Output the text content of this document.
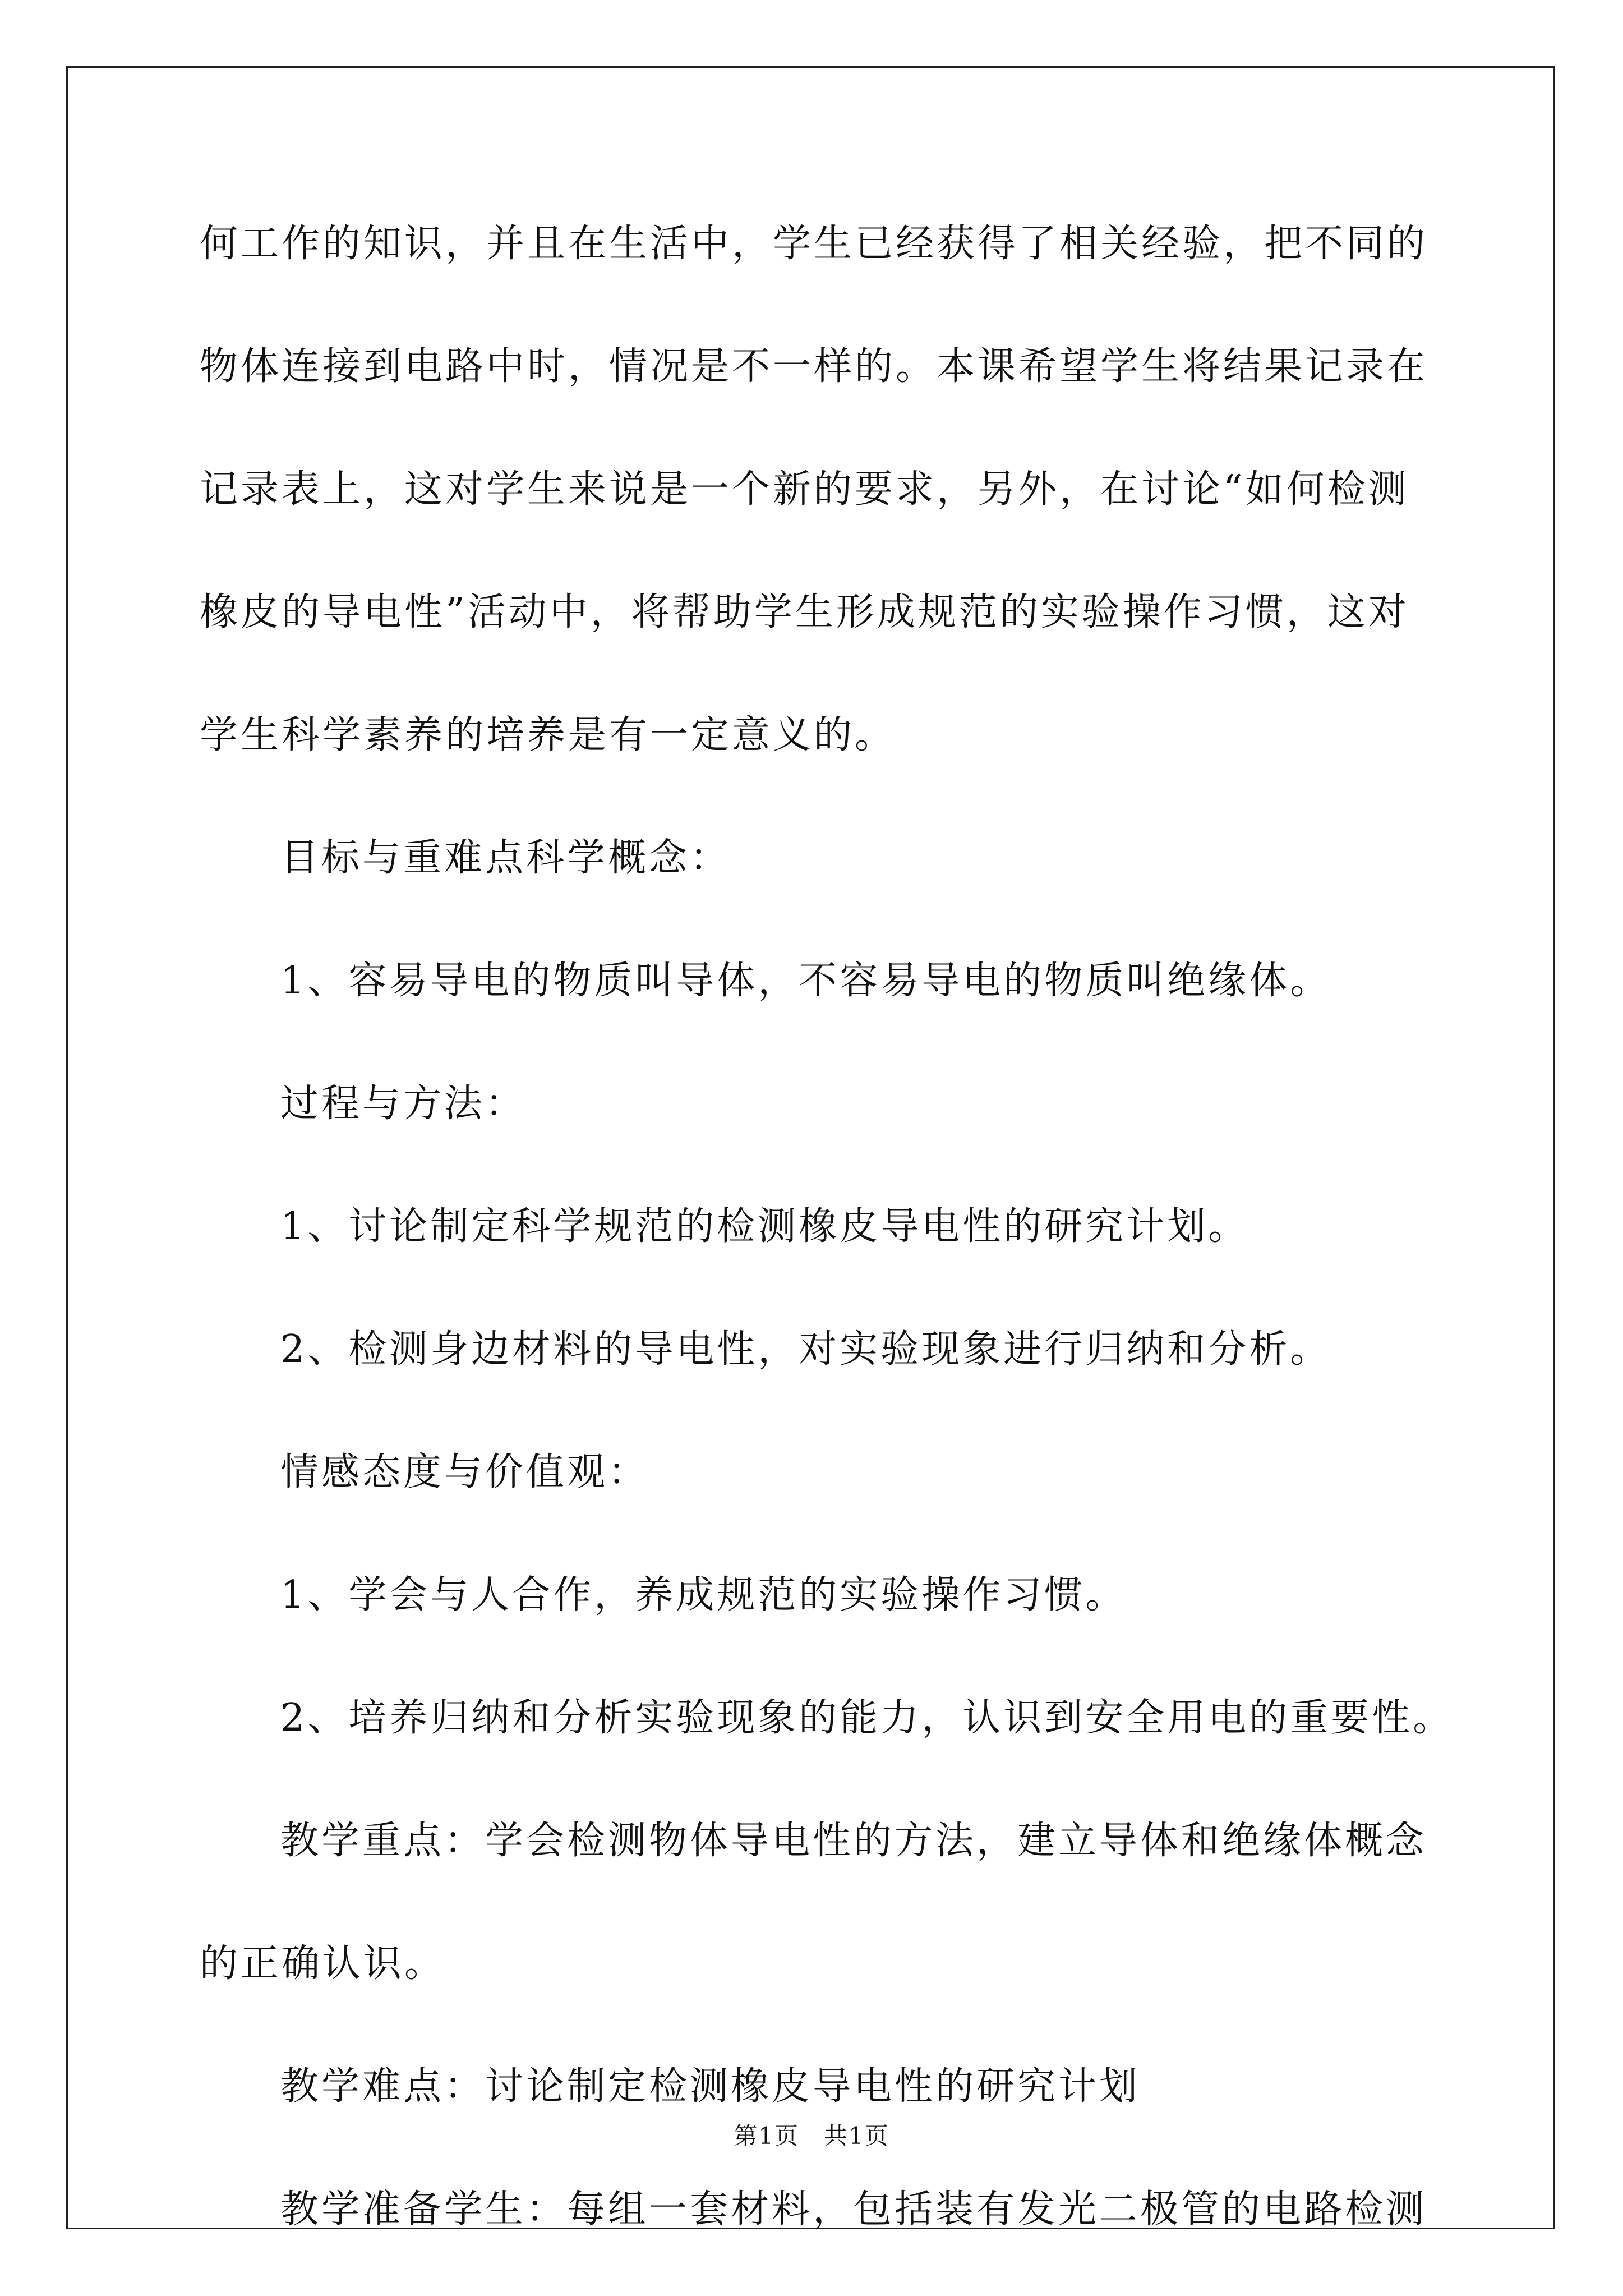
何工作的知识，并且在生活中，学生已经获得了相关经验，把不同的
物体连接到电路中时，情况是不一样的。本课希望学生将结果记录在
记录表上，这对学生来说是一个新的要求，另外，在讨论“如何检测
橡皮的导电性”活动中，将帮助学生形成规范的实验操作习惯，这对
学生科学素养的培养是有一定意义的。
目标与重难点科学概念：
1、容易导电的物质叫导体，不容易导电的物质叫绝缘体。
过程与方法：
1、讨论制定科学规范的检测橡皮导电性的研究计划。
2、检测身边材料的导电性，对实验现象进行归纳和分析。
情感态度与价值观：
1、学会与人合作，养成规范的实验操作习惯。
2、培养归纳和分析实验现象的能力，认识到安全用电的重要性。
教学重点：学会检测物体导电性的方法，建立导体和绝缘体概念
的正确认识。
教学难点：讨论制定检测橡皮导电性的研究计划
教学准备学生：每组一套材料，包括装有发光二极管的电路检测
第1页　共1页
